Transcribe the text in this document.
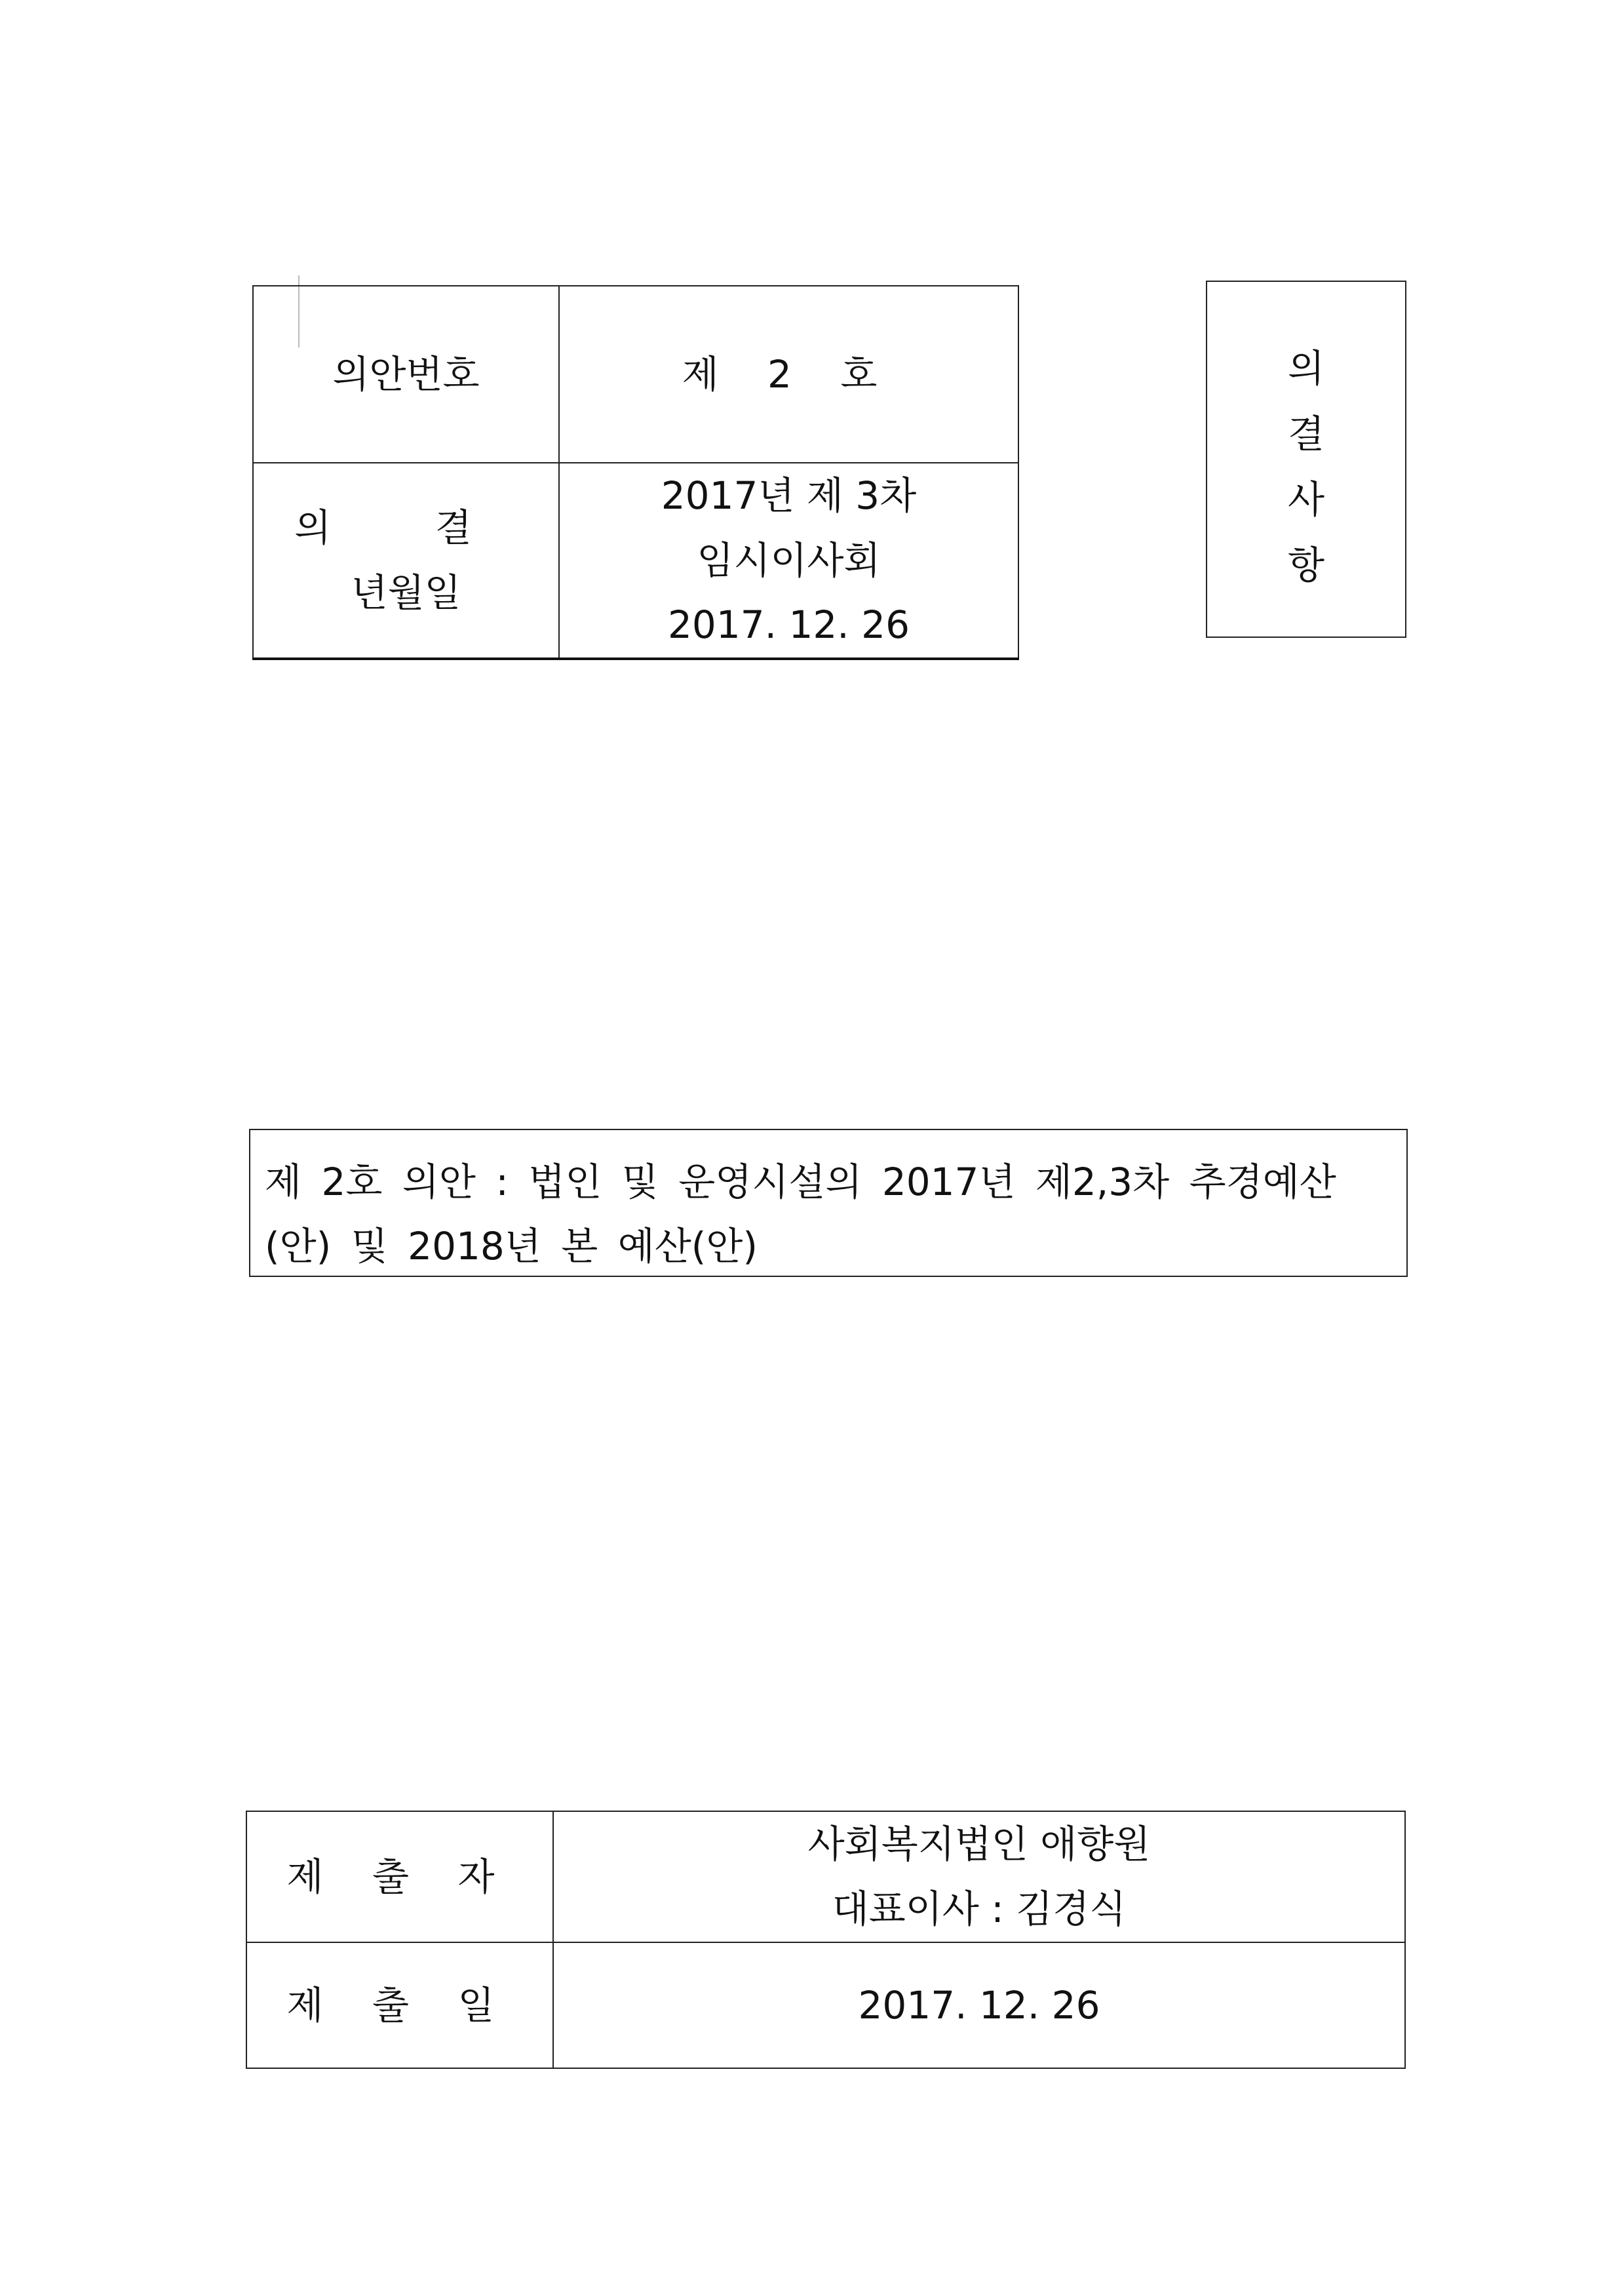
의안번호	제 2 호

의 결
년월일	2017년 제 3차
임시이사회
2017. 12. 26
의
결
사
항
제 2호 의안 : 법인 및 운영시설의 2017년 제2,3차 추경예산(안) 및 2018년 본 예산(안)
제 출 자	사회복지법인 애향원
대표이사 : 김경식

제 출 일	2017. 12. 26
